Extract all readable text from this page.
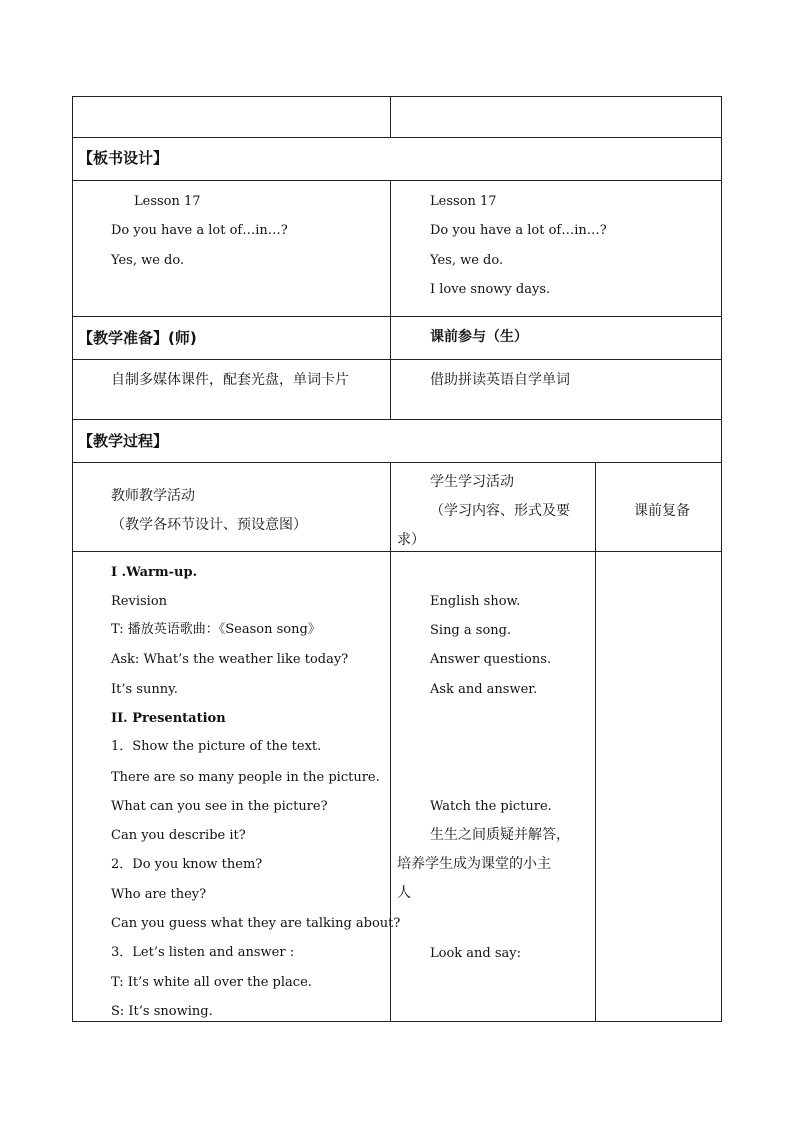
【板书设计】
Lesson 17
Do you have a lot of…in…?
Yes, we do.
Lesson 17
Do you have a lot of…in…?
Yes, we do.
I love snowy days.
【教学准备】(师)	课前参与（生）
自制多媒体课件，配套光盘，单词卡片	借助拼读英语自学单词
【教学过程】
教师教学活动
（教学各环节设计、预设意图）
学生学习活动
（学习内容、形式及要
求）
课前复备
I .Warm-up.
Revision
T: 播放英语歌曲：《Season song》
Ask: What’s the weather like today?
It’s sunny.
II. Presentation
1．Show the picture of the text.
There are so many people in the picture.
What can you see in the picture?
Can you describe it?
2．Do you know them?
Who are they?
Can you guess what they are talking about?
3．Let’s listen and answer :
T: It’s white all over the place.
S: It’s snowing.
English show.
Sing a song.
Answer questions.
Ask and answer.
Watch the picture.
生生之间质疑并解答，
培养学生成为课堂的小主
人
Look and say:
